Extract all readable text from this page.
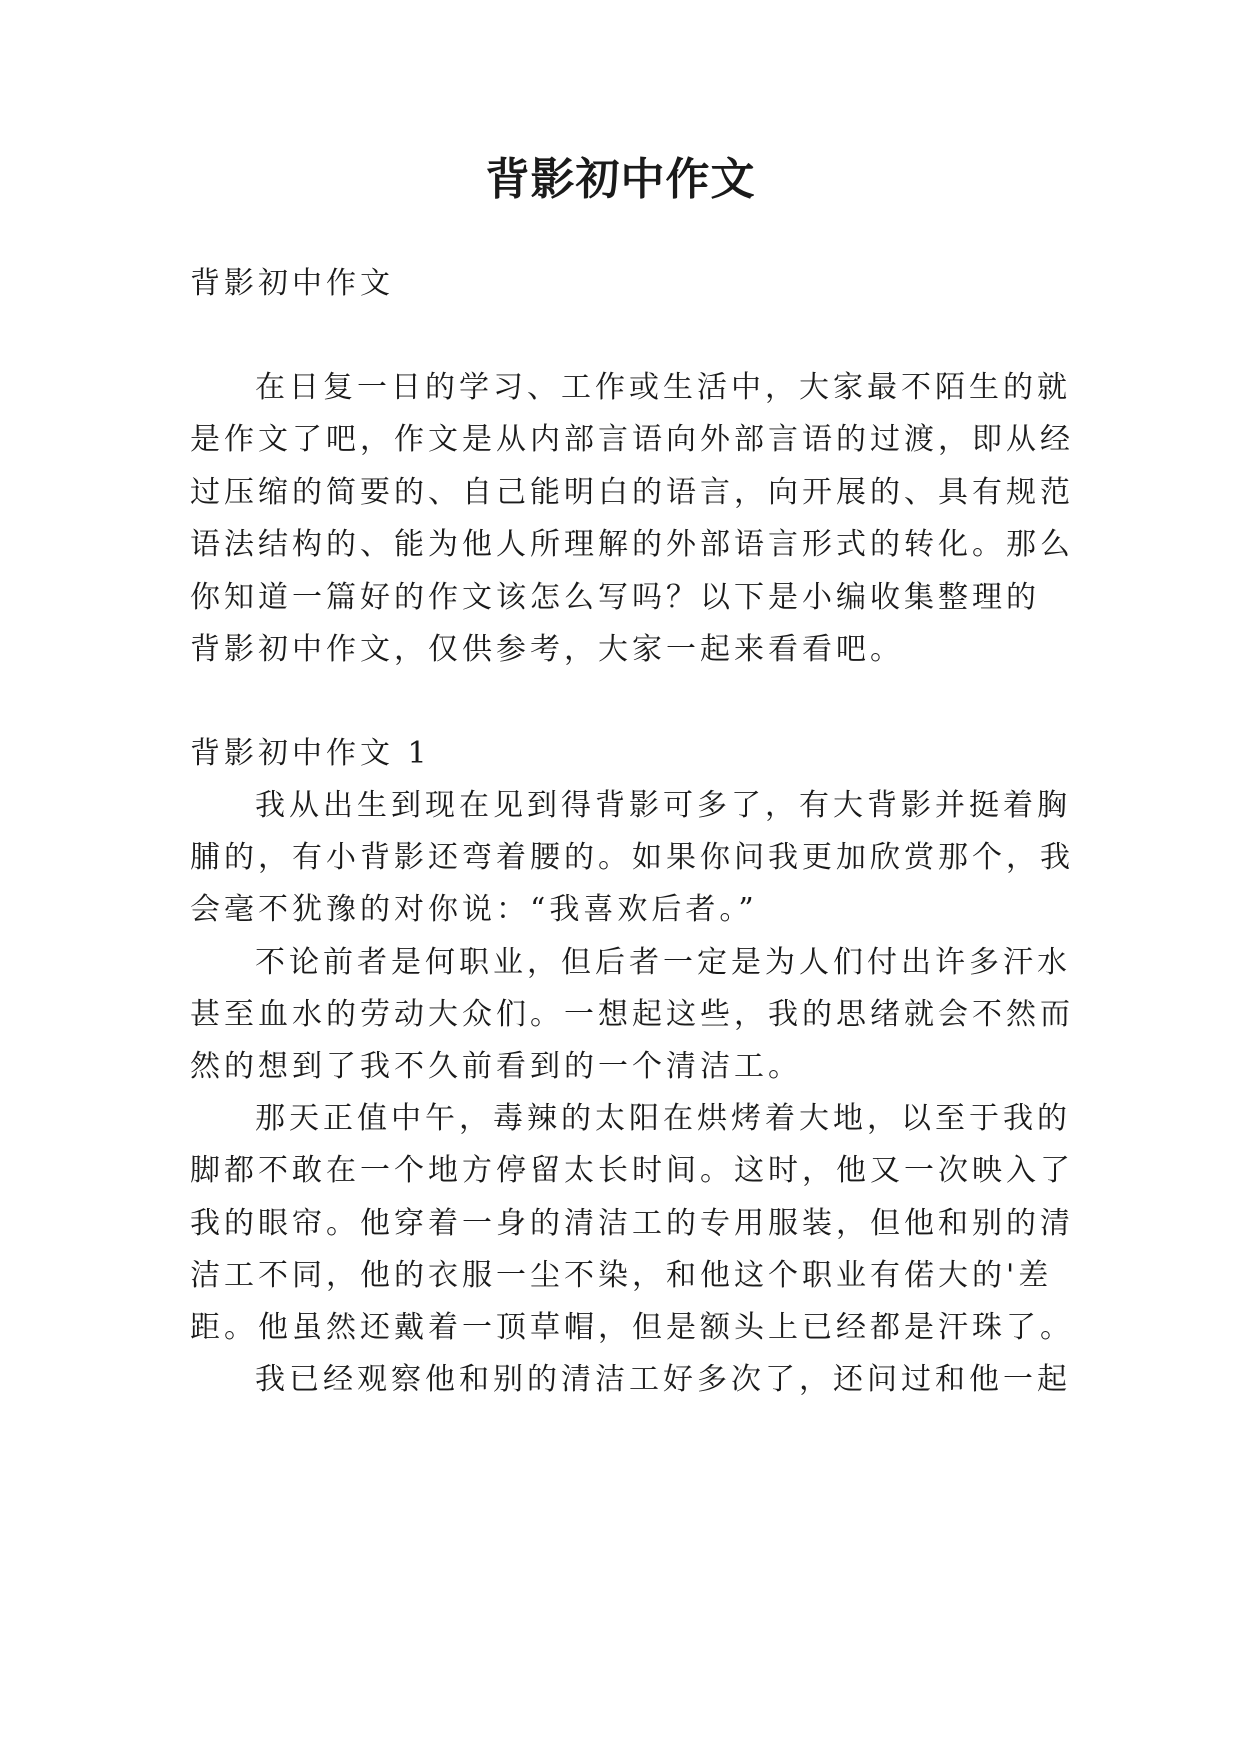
背影初中作文
背影初中作文
在日复一日的学习、工作或生活中，大家最不陌生的就
是作文了吧，作文是从内部言语向外部言语的过渡，即从经
过压缩的简要的、自己能明白的语言，向开展的、具有规范
语法结构的、能为他人所理解的外部语言形式的转化。那么
你知道一篇好的作文该怎么写吗？以下是小编收集整理的
背影初中作文，仅供参考，大家一起来看看吧。
背影初中作文 1
我从出生到现在见到得背影可多了，有大背影并挺着胸
脯的，有小背影还弯着腰的。如果你问我更加欣赏那个，我
会毫不犹豫的对你说：“我喜欢后者。”
不论前者是何职业，但后者一定是为人们付出许多汗水
甚至血水的劳动大众们。一想起这些，我的思绪就会不然而
然的想到了我不久前看到的一个清洁工。
那天正值中午，毒辣的太阳在烘烤着大地，以至于我的
脚都不敢在一个地方停留太长时间。这时，他又一次映入了
我的眼帘。他穿着一身的清洁工的专用服装，但他和别的清
洁工不同，他的衣服一尘不染，和他这个职业有偌大的'差
距。他虽然还戴着一顶草帽，但是额头上已经都是汗珠了。
我已经观察他和别的清洁工好多次了，还问过和他一起
